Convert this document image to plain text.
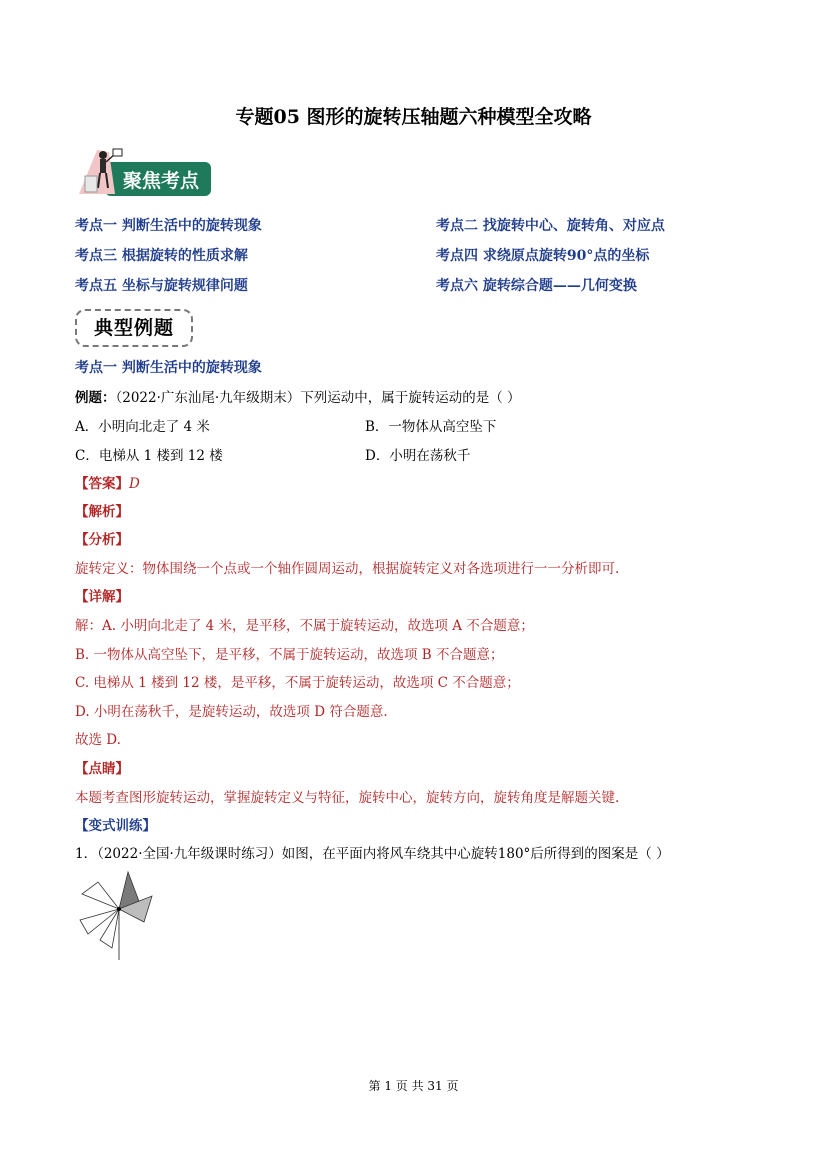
专题05 图形的旋转压轴题六种模型全攻略
聚焦考点
考点一 判断生活中的旋转现象	考点二 找旋转中心、旋转角、对应点
考点三 根据旋转的性质求解	考点四 求绕原点旋转90°点的坐标
考点五 坐标与旋转规律问题	考点六 旋转综合题——几何变换
典型例题
考点一 判断生活中的旋转现象
例题：（2022·广东汕尾·九年级期末）下列运动中，属于旋转运动的是（ ）
A．小明向北走了 4 米	B．一物体从高空坠下
C．电梯从 1 楼到 12 楼	D．小明在荡秋千
【答案】D
【解析】
【分析】
旋转定义：物体围绕一个点或一个轴作圆周运动，根据旋转定义对各选项进行一一分析即可.
【详解】
解：A. 小明向北走了 4 米，是平移，不属于旋转运动，故选项 A 不合题意；
B. 一物体从高空坠下，是平移，不属于旋转运动，故选项 B 不合题意；
C. 电梯从 1 楼到 12 楼，是平移，不属于旋转运动，故选项 C 不合题意；
D. 小明在荡秋千，是旋转运动，故选项 D 符合题意.
故选 D.
【点睛】
本题考查图形旋转运动，掌握旋转定义与特征，旋转中心，旋转方向，旋转角度是解题关键.
【变式训练】
1．（2022·全国·九年级课时练习）如图，在平面内将风车绕其中心旋转180°后所得到的图案是（ ）
第 1 页 共 31 页
